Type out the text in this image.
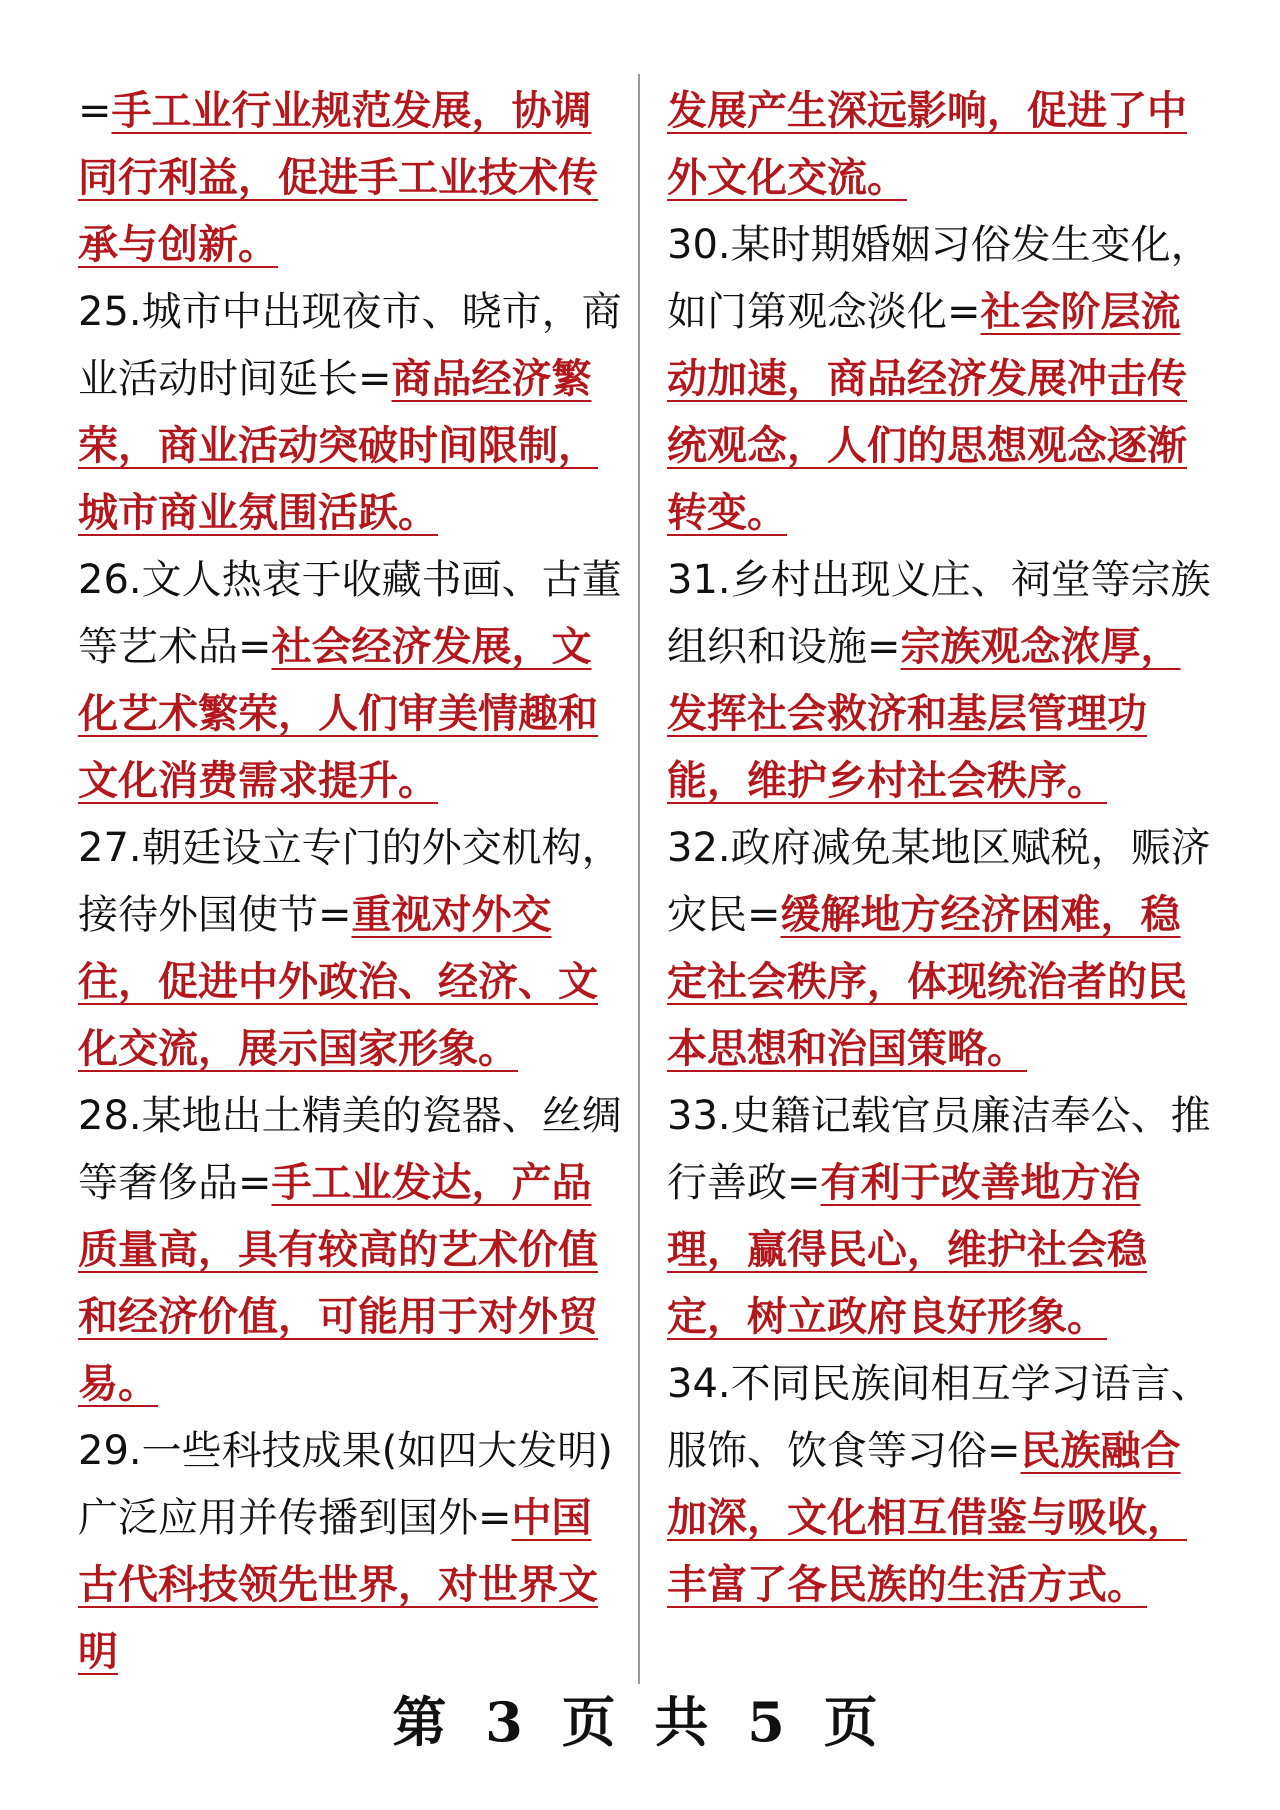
=手工业行业规范发展，协调同行利益，促进手工业技术传承与创新。

25.城市中出现夜市、晓市，商业活动时间延长=商品经济繁荣，商业活动突破时间限制，城市商业氛围活跃。

26.文人热衷于收藏书画、古董等艺术品=社会经济发展，文化艺术繁荣，人们审美情趣和文化消费需求提升。

27.朝廷设立专门的外交机构，接待外国使节=重视对外交往，促进中外政治、经济、文化交流，展示国家形象。

28.某地出土精美的瓷器、丝绸等奢侈品=手工业发达，产品质量高，具有较高的艺术价值和经济价值，可能用于对外贸易。

29.一些科技成果(如四大发明)广泛应用并传播到国外=中国古代科技领先世界，对世界文明

发展产生深远影响，促进了中外文化交流。

30.某时期婚姻习俗发生变化，如门第观念淡化=社会阶层流动加速，商品经济发展冲击传统观念，人们的思想观念逐渐转变。

31.乡村出现义庄、祠堂等宗族组织和设施=宗族观念浓厚，发挥社会救济和基层管理功能，维护乡村社会秩序。

32.政府减免某地区赋税，赈济灾民=缓解地方经济困难，稳定社会秩序，体现统治者的民本思想和治国策略。

33.史籍记载官员廉洁奉公、推行善政=有利于改善地方治理，赢得民心，维护社会稳定，树立政府良好形象。

34.不同民族间相互学习语言、服饰、饮食等习俗=民族融合加深，文化相互借鉴与吸收，丰富了各民族的生活方式。

第 3 页 共 5 页
